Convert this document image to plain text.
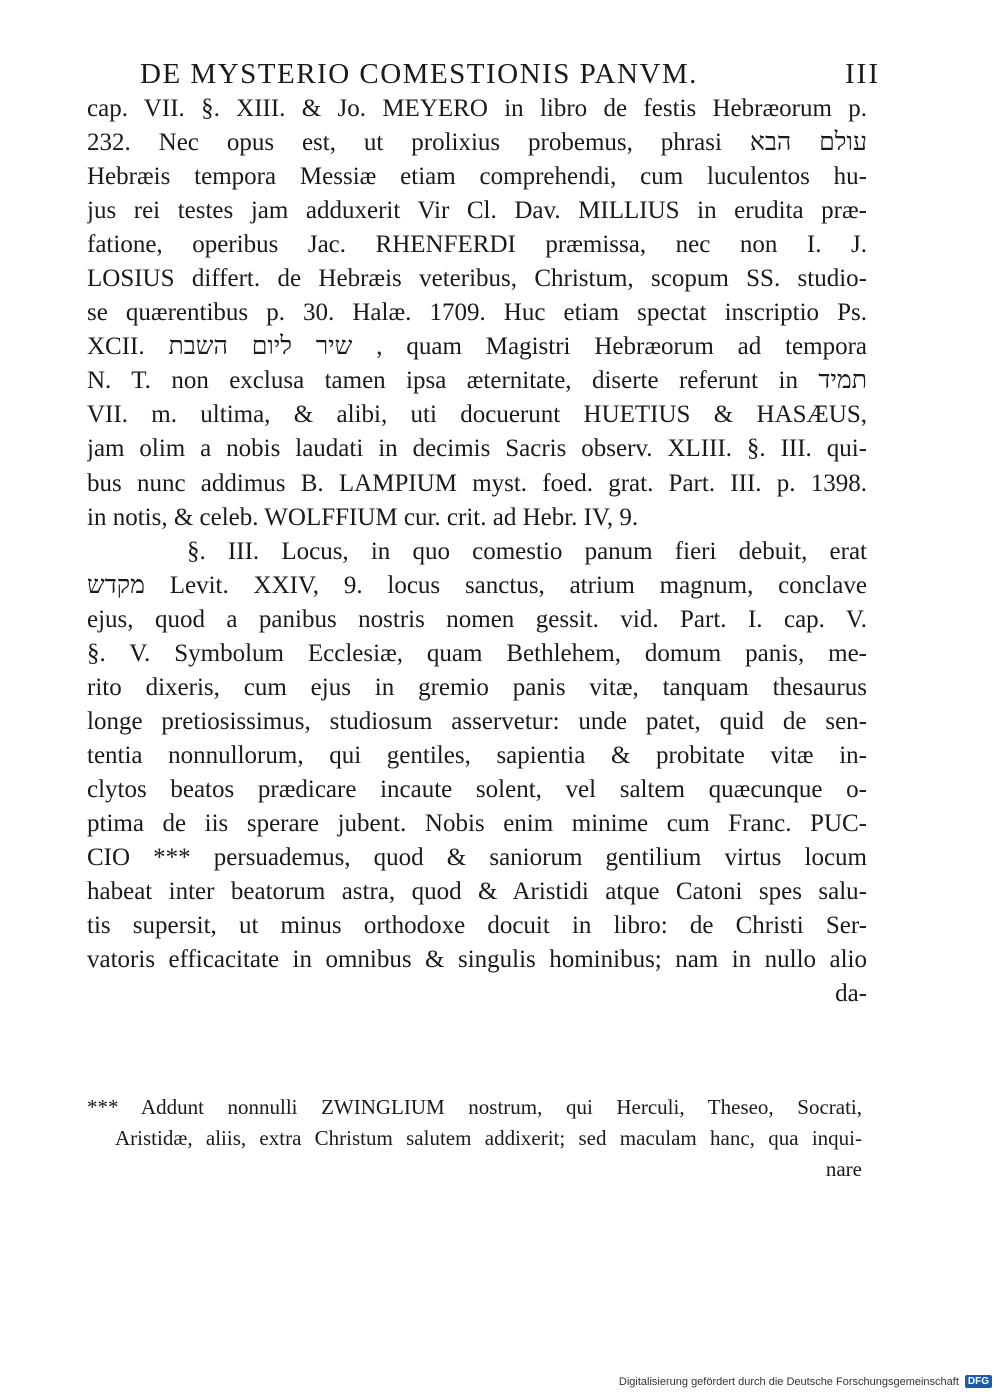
DE MYSTERIO COMESTIONIS PANVM.	III
cap. VII. §. XIII. & Jo. MEYERO in libro de festis Hebræorum p.
232. Nec opus est, ut prolixius probemus, phrasi עולם הבא
Hebræis tempora Messiæ etiam comprehendi, cum luculentos hu-
jus rei testes jam adduxerit Vir Cl. Dav. MILLIUS in erudita præ-
fatione, operibus Jac. RHENFERDI præmissa, nec non I. J.
LOSIUS differt. de Hebræis veteribus, Christum, scopum SS. studio-
se quærentibus p. 30. Halæ. 1709. Huc etiam spectat inscriptio Ps.
XCII. שיר ליום השבת , quam Magistri Hebræorum ad tempora
N. T. non exclusa tamen ipsa æternitate, diserte referunt in תמיד
VII. m. ultima, & alibi, uti docuerunt HUETIUS & HASÆUS,
jam olim a nobis laudati in decimis Sacris observ. XLIII. §. III. qui-
bus nunc addimus B. LAMPIUM myst. foed. grat. Part. III. p. 1398.
in notis, & celeb. WOLFFIUM cur. crit. ad Hebr. IV, 9.
§. III. Locus, in quo comestio panum fieri debuit, erat
מקדש Levit. XXIV, 9. locus sanctus, atrium magnum, conclave
ejus, quod a panibus nostris nomen gessit. vid. Part. I. cap. V.
§. V. Symbolum Ecclesiæ, quam Bethlehem, domum panis, me-
rito dixeris, cum ejus in gremio panis vitæ, tanquam thesaurus
longe pretiosissimus, studiosum asservetur: unde patet, quid de sen-
tentia nonnullorum, qui gentiles, sapientia & probitate vitæ in-
clytos beatos prædicare incaute solent, vel saltem quæcunque o-
ptima de iis sperare jubent. Nobis enim minime cum Franc. PUC-
CIO *** persuademus, quod & saniorum gentilium virtus locum
habeat inter beatorum astra, quod & Aristidi atque Catoni spes salu-
tis supersit, ut minus orthodoxe docuit in libro: de Christi Ser-
vatoris efficacitate in omnibus & singulis hominibus; nam in nullo alio
da-
*** Addunt nonnulli ZWINGLIUM nostrum, qui Herculi, Theseo, Socrati,
Aristidæ, aliis, extra Christum salutem addixerit; sed maculam hanc, qua inqui-
nare
Digitalisierung gefördert durch die Deutsche Forschungsgemeinschaft DFG
